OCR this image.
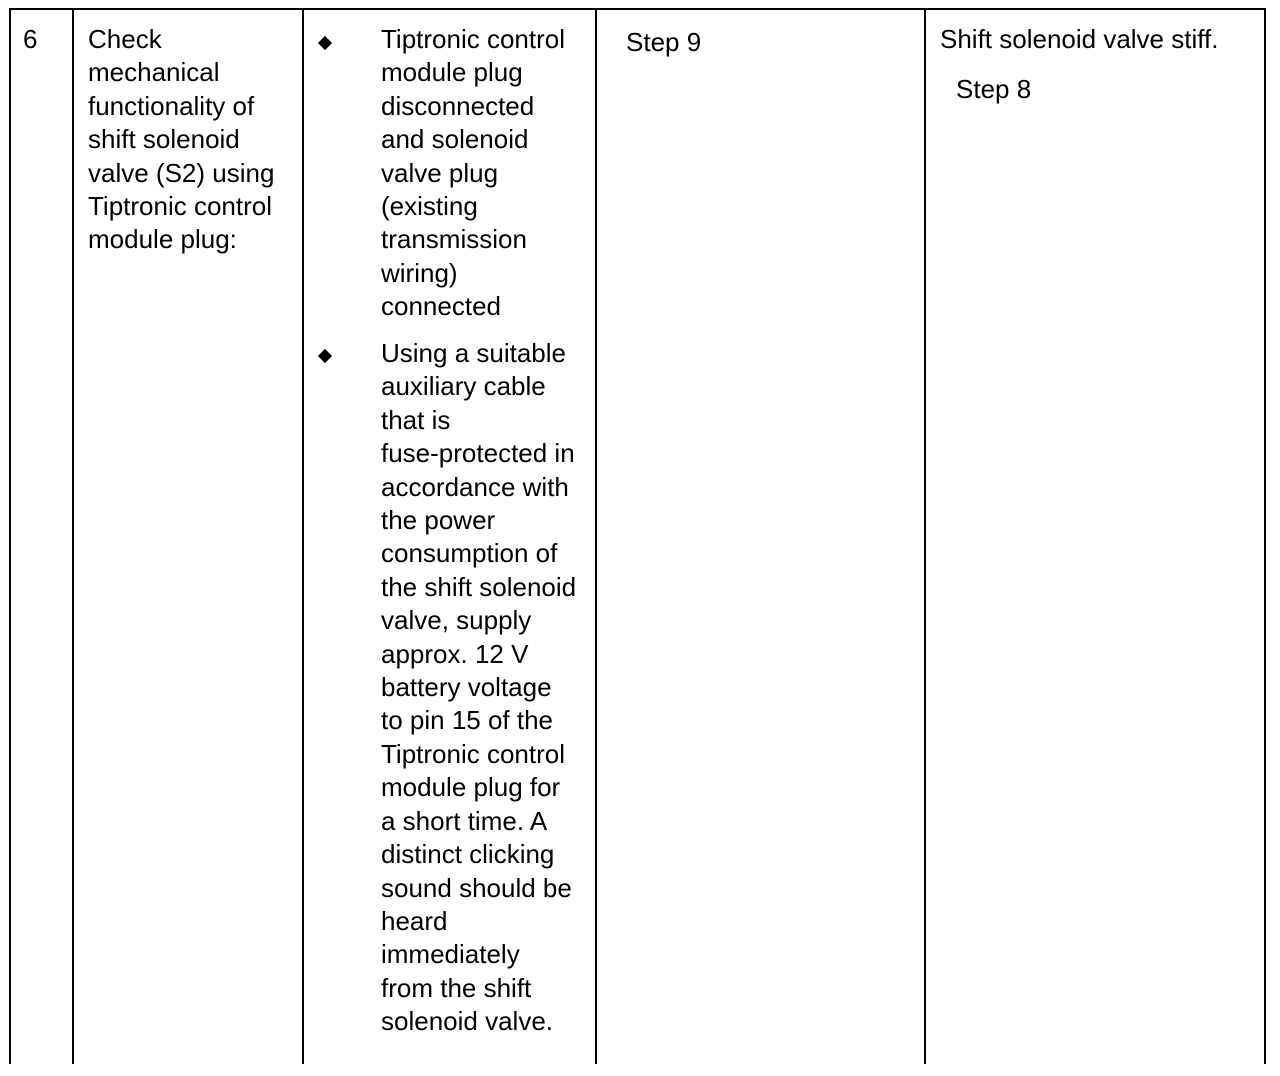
6 Check
mechanical
functionality of
shift solenoid
valve (S2) using
Tiptronic control
module plug:
Tiptronic control
module plug
disconnected
and solenoid
valve plug
(existing
transmission
wiring)
connected
Using a suitable
auxiliary cable
that is
fuse-protected in
accordance with
the power
consumption of
the shift solenoid
valve, supply
approx. 12 V
battery voltage
to pin 15 of the
Tiptronic control
module plug for
a short time. A
distinct clicking
sound should be
heard
immediately
from the shift
solenoid valve.
Step 9	Shift solenoid valve stiff.
Step 8
